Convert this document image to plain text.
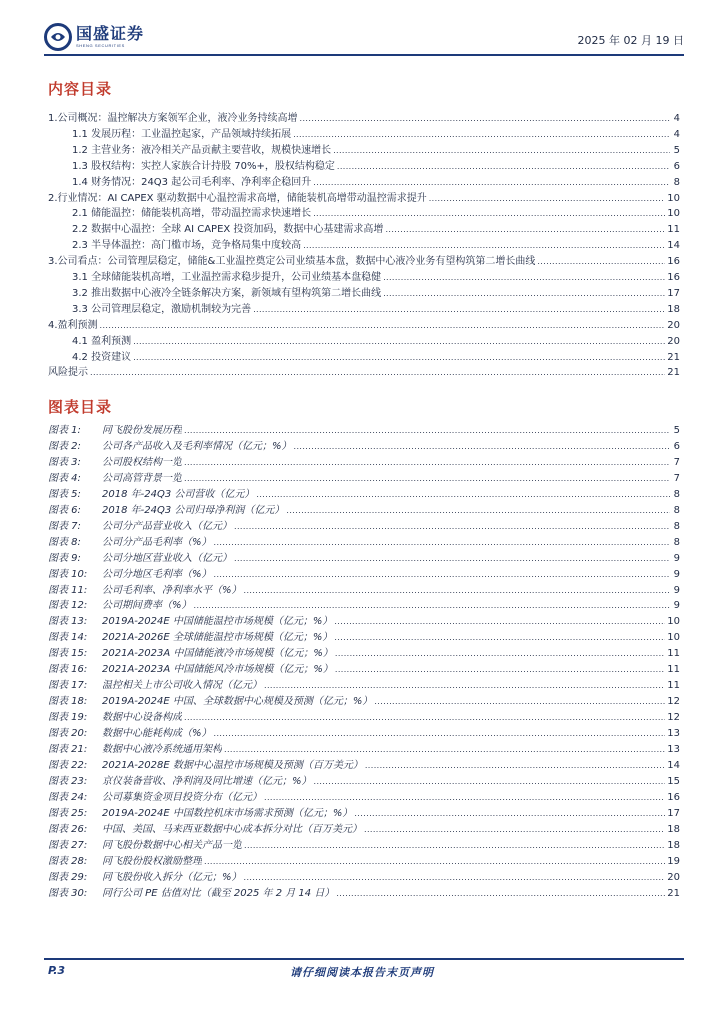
国盛证券
SHENG SECURITIES	2025 年 02 月 19 日
内容目录
1.公司概况：温控解决方案领军企业，液冷业务持续高增 .....	4
1.1 发展历程：工业温控起家，产品领域持续拓展 .....	4
1.2 主营业务：液冷相关产品贡献主要营收，规模快速增长 .....	5
1.3 股权结构：实控人家族合计持股 70%+，股权结构稳定 .....	6
1.4 财务情况：24Q3 起公司毛利率、净利率企稳回升 .....	8
2.行业情况：AI CAPEX 驱动数据中心温控需求高增，储能装机高增带动温控需求提升 .....	10
2.1 储能温控：储能装机高增，带动温控需求快速增长 .....	10
2.2 数据中心温控：全球 AI CAPEX 投资加码，数据中心基建需求高增 .....	11
2.3 半导体温控：高门槛市场，竞争格局集中度较高 .....	14
3.公司看点：公司管理层稳定，储能&工业温控奠定公司业绩基本盘，数据中心液冷业务有望构筑第二增长曲线 .....	16
3.1 全球储能装机高增，工业温控需求稳步提升，公司业绩基本盘稳健 .....	16
3.2 推出数据中心液冷全链条解决方案，新领域有望构筑第二增长曲线 .....	17
3.3 公司管理层稳定，激励机制较为完善 .....	18
4.盈利预测 .....	20
4.1 盈利预测 .....	20
4.2 投资建议 .....	21
风险提示 .....	21
图表目录
图表 1:	同飞股份发展历程 .....	5
图表 2:	公司各产品收入及毛利率情况（亿元；%） .....	6
图表 3:	公司股权结构一览 .....	7
图表 4:	公司高管背景一览 .....	7
图表 5:	2018 年-24Q3 公司营收（亿元） .....	8
图表 6:	2018 年-24Q3 公司归母净利润（亿元） .....	8
图表 7:	公司分产品营业收入（亿元） .....	8
图表 8:	公司分产品毛利率（%） .....	8
图表 9:	公司分地区营业收入（亿元） .....	9
图表 10:	公司分地区毛利率（%） .....	9
图表 11:	公司毛利率、净利率水平（%） .....	9
图表 12:	公司期间费率（%） .....	9
图表 13:	2019A-2024E 中国储能温控市场规模（亿元；%） .....	10
图表 14:	2021A-2026E 全球储能温控市场规模（亿元；%） .....	10
图表 15:	2021A-2023A 中国储能液冷市场规模（亿元；%） .....	11
图表 16:	2021A-2023A 中国储能风冷市场规模（亿元；%） .....	11
图表 17:	温控相关上市公司收入情况（亿元） .....	11
图表 18:	2019A-2024E 中国、全球数据中心规模及预测（亿元；%） .....	12
图表 19:	数据中心设备构成 .....	12
图表 20:	数据中心能耗构成（%） .....	13
图表 21:	数据中心液冷系统通用架构 .....	13
图表 22:	2021A-2028E 数据中心温控市场规模及预测（百万美元） .....	14
图表 23:	京仪装备营收、净利润及同比增速（亿元；%） .....	15
图表 24:	公司募集资金项目投资分布（亿元） .....	16
图表 25:	2019A-2024E 中国数控机床市场需求预测（亿元；%） .....	17
图表 26:	中国、美国、马来西亚数据中心成本拆分对比（百万美元） .....	18
图表 27:	同飞股份数据中心相关产品一览 .....	18
图表 28:	同飞股份股权激励整理 .....	19
图表 29:	同飞股份收入拆分（亿元；%） .....	20
图表 30:	同行公司 PE 估值对比（截至 2025 年 2 月 14 日） .....	21
P.3	请仔细阅读本报告末页声明
